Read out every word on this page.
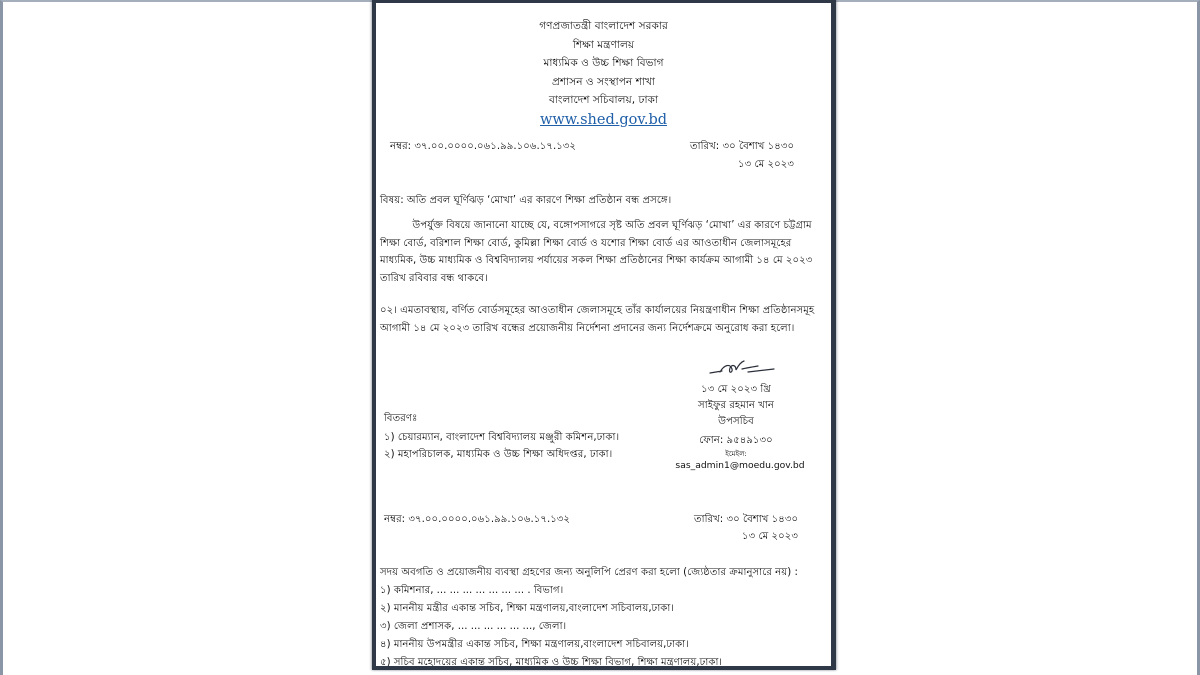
গণপ্রজাতন্ত্রী বাংলাদেশ সরকার
শিক্ষা মন্ত্রণালয়
মাধ্যমিক ও উচ্চ শিক্ষা বিভাগ
প্রশাসন ও সংস্থাপন শাখা
বাংলাদেশ সচিবালয়, ঢাকা
www.shed.gov.bd
নম্বর: ৩৭.০০.০০০০.০৬১.৯৯.১০৬.১৭.১৩২	তারিখ: ৩০ বৈশাখ ১৪৩০
১৩ মে ২০২৩
বিষয়: অতি প্রবল ঘূর্ণিঝড় ‘মোখা’ এর কারণে শিক্ষা প্রতিষ্ঠান বন্ধ প্রসঙ্গে।
উপর্যুক্ত বিষয়ে জানানো যাচ্ছে যে, বঙ্গোপসাগরে সৃষ্ট অতি প্রবল ঘূর্ণিঝড় ‘মোখা’ এর কারণে চট্টগ্রাম
শিক্ষা বোর্ড, বরিশাল শিক্ষা বোর্ড, কুমিল্লা শিক্ষা বোর্ড ও যশোর শিক্ষা বোর্ড এর আওতাধীন জেলাসমূহের
মাধ্যমিক, উচ্চ মাধ্যমিক ও বিশ্ববিদ্যালয় পর্যায়ের সকল শিক্ষা প্রতিষ্ঠানের শিক্ষা কার্যক্রম আগামী ১৪ মে ২০২৩
তারিখ রবিবার বন্ধ থাকবে।
০২। এমতাবস্থায়, বর্ণিত বোর্ডসমূহের আওতাধীন জেলাসমূহে তাঁর কার্যালয়ের নিয়ন্ত্রণাধীন শিক্ষা প্রতিষ্ঠানসমূহ
আগামী ১৪ মে ২০২৩ তারিখ বন্ধের প্রয়োজনীয় নির্দেশনা প্রদানের জন্য নির্দেশক্রমে অনুরোধ করা হলো।
১৩ মে ২০২৩ খ্রি
সাইফুর রহমান খান
উপসচিব
ফোন: ৯৫৪৯১৩০
ইমেইল:
sas_admin1@moedu.gov.bd
বিতরণঃ
১) চেয়ারম্যান, বাংলাদেশ বিশ্ববিদ্যালয় মঞ্জুরী কমিশন,ঢাকা।
২) মহাপরিচালক, মাধ্যমিক ও উচ্চ শিক্ষা অধিদপ্তর, ঢাকা।
নম্বর: ৩৭.০০.০০০০.০৬১.৯৯.১০৬.১৭.১৩২	তারিখ: ৩০ বৈশাখ ১৪৩০
১৩ মে ২০২৩
সদয় অবগতি ও প্রয়োজনীয় ব্যবস্থা গ্রহণের জন্য অনুলিপি প্রেরণ করা হলো (জ্যেষ্ঠতার ক্রমানুসারে নয়) :
১) কমিশনার, ... ... ... ... ... ... ... . বিভাগ।
২) মাননীয় মন্ত্রীর একান্ত সচিব, শিক্ষা মন্ত্রণালয়,বাংলাদেশ সচিবালয়,ঢাকা।
৩) জেলা প্রশাসক, ... ... ... ... ... ..., জেলা।
৪) মাননীয় উপমন্ত্রীর একান্ত সচিব, শিক্ষা মন্ত্রণালয়,বাংলাদেশ সচিবালয়,ঢাকা।
৫) সচিব মহোদয়ের একান্ত সচিব, মাধ্যমিক ও উচ্চ শিক্ষা বিভাগ, শিক্ষা মন্ত্রণালয়,ঢাকা।
